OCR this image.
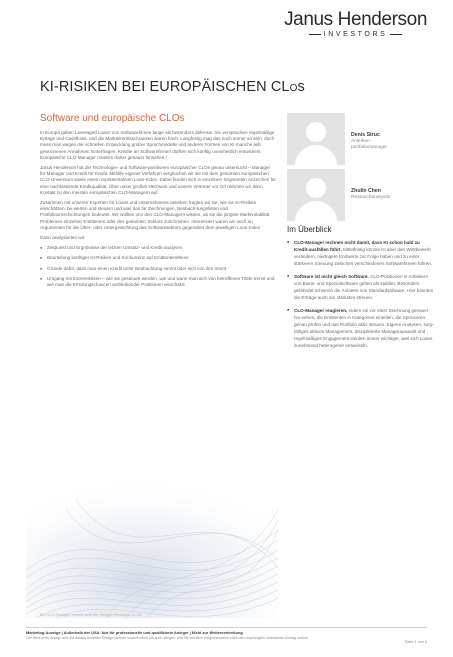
Janus Henderson
INVESTORS
KI-RISIKEN BEI EUROPÄISCHEN CLOs
Software und europäische CLOs

In Europa galten Leveraged Loans von Softwarefirmen lange als besonders defensiv. Sie versprachen regelmäßige Erträge und Cashflows, und die Markteintrittsschranken waren hoch. Langfristig mag das noch immer so sein, doch muss man wegen der schnellen Entwicklung großer Sprachmodelle und anderer Formen von KI manche lieb gewonnenen Annahmen hinterfragen. Kredite an Softwarefirmen dürften sich künftig uneinheitlich entwickeln. Europäische CLO-Manager müssen daher genauer hinsehen.¹

Janus Henderson hat die Technologie- und Software-positionen europäischer CLOs genau untersucht – Manager für Manager und Kredit für Kredit. Mithilfe eigener Verfahren vergleichen wir sie mit dem gesamten europäischen CLO-Universum sowie einem repräsentativen Loan-Index. Dabei fanden sich in einzelnen Segmenten Anzeichen für eine nachlassende Kreditqualität. Über unser großes Netzwerk und unsere Vertreter vor Ort nehmen wir dann Kontakt zu den meisten europäischen CLO-Managern auf.

Zusammen mit unseren Experten für Loans und Unternehmens-anleihen fragten wir sie, wie sie KI-Risiken einschätzen, be-werten und steuern und was das für Zeichnungen, Beobach-tungslisten und Portfolioumschichtungen bedeutet. Wir wollten von den CLO-Managern wissen, ob sie die jüngste Marktvolatilität Problemen einzelner Emittenten oder des gesamten Sektors zuschreiben. Interessiert waren wir auch an Argumenten für die Über- oder Untergewichtung des Softwaresektors gegenüber dem jeweiligen Loan-Index.

Dann analysierten wir:

■ Zeitpunkt und Ergebnisse der letzten Umsatz- und Kredit-analysen
■ Beurteilung künftiger KI-Risiken und Konkurrenz auf Emittentenebene
■ Gründe dafür, dass man einen Kredit unter Beobachtung nimmt oder sich von ihm trennt
■ Umgang mit Extremrisiken – wie sie gesteuert werden, wie und wann man sich von betroffenen Titeln trennt und wie man die Erholungschancen verbleibender Positionen einschätzt
Ein CLO-Manager ersetzt nicht die richtigen Prozesse CLOs
Denis Struc
Anleihen-
portfoliomanager
Zhulin Chen
Researchanalystin
Im Überblick
■ CLO-Manager rechnen nicht damit, dass KI schon bald zu Kredit-ausfällen führt. Mittelfristig könnte KI aber den Wettbewerb verändern, niedrigere Endwerte zur Folge haben und zu einer stärkeren Streuung zwischen verschiedenen Softwarefirmen führen.
■ Software ist nicht gleich Software. CLO-Positionen in Anbietern von Basis- und Spezialsoftware gelten als stabiler. Besonders gefährdet scheinen die Anbieter von Standardsoftware. Hier könnten die Erträge auch am stärksten streuen.
■ CLO-Manager reagieren, indem sie vor einer Zeichnung genauer hin-sehen, die Emittenten in Kategorien einteilen, die Sponsoren genau prüfen und das Portfolio aktiv steuern. Eigene Analysen, sorg-fältiges aktives Management, disziplinierte Managerauswahl und regelmäßiges Engagement werden immer wichtiger, weil sich Loans zunehmend heterogener entwickeln.
Marketing-Anzeige | Außerhalb der USA: Nur für professionelle und qualifizierte Anleger | Nicht zur Weiterverbreitung
Der Wert einer Anlage und die daraus erzielten Erträge können sowohl fallen als auch steigen, und Sie erhalten möglicherweise nicht den ursprünglich investierten Betrag zurück.
Seite 1 von 6
